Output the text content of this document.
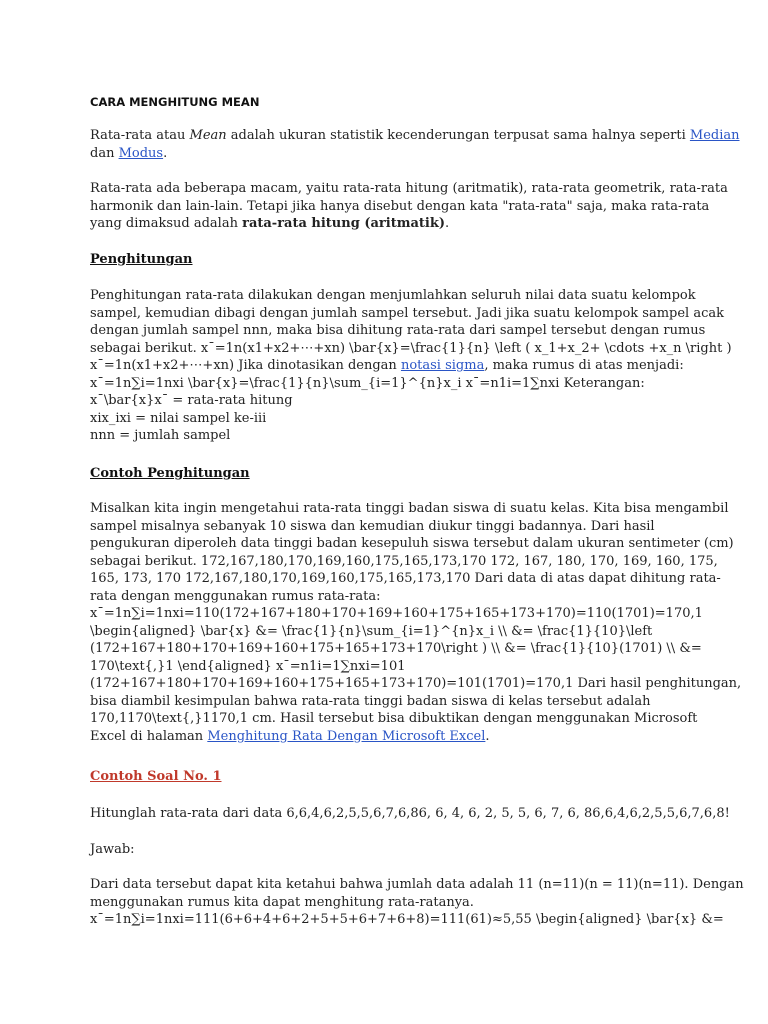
CARA MENGHITUNG MEAN

Rata-rata atau Mean adalah ukuran statistik kecenderungan terpusat sama halnya seperti Median
dan Modus.

Rata-rata ada beberapa macam, yaitu rata-rata hitung (aritmatik), rata-rata geometrik, rata-rata
harmonik dan lain-lain. Tetapi jika hanya disebut dengan kata "rata-rata" saja, maka rata-rata
yang dimaksud adalah rata-rata hitung (aritmatik).

Penghitungan

Penghitungan rata-rata dilakukan dengan menjumlahkan seluruh nilai data suatu kelompok
sampel, kemudian dibagi dengan jumlah sampel tersebut. Jadi jika suatu kelompok sampel acak
dengan jumlah sampel nnn, maka bisa dihitung rata-rata dari sampel tersebut dengan rumus
sebagai berikut. x¯=1n(x1+x2+⋯+xn) \bar{x}=\frac{1}{n} \left ( x_1+x_2+ \cdots +x_n \right )
x¯=1n(x1+x2+⋯+xn) Jika dinotasikan dengan notasi sigma, maka rumus di atas menjadi:
x¯=1n∑i=1nxi \bar{x}=\frac{1}{n}\sum_{i=1}^{n}x_i x¯=n1i=1∑nxi Keterangan:
x¯\bar{x}x¯ = rata-rata hitung
xix_ixi = nilai sampel ke-iii
nnn = jumlah sampel

Contoh Penghitungan

Misalkan kita ingin mengetahui rata-rata tinggi badan siswa di suatu kelas. Kita bisa mengambil
sampel misalnya sebanyak 10 siswa dan kemudian diukur tinggi badannya. Dari hasil
pengukuran diperoleh data tinggi badan kesepuluh siswa tersebut dalam ukuran sentimeter (cm)
sebagai berikut. 172,167,180,170,169,160,175,165,173,170 172, 167, 180, 170, 169, 160, 175,
165, 173, 170 172,167,180,170,169,160,175,165,173,170 Dari data di atas dapat dihitung rata-
rata dengan menggunakan rumus rata-rata:
x¯=1n∑i=1nxi=110(172+167+180+170+169+160+175+165+173+170)=110(1701)=170,1
\begin{aligned} \bar{x} &= \frac{1}{n}\sum_{i=1}^{n}x_i \\ &= \frac{1}{10}\left
(172+167+180+170+169+160+175+165+173+170\right ) \\ &= \frac{1}{10}(1701) \\ &=
170\text{,}1 \end{aligned} x¯=n1i=1∑nxi=101
(172+167+180+170+169+160+175+165+173+170)=101(1701)=170,1 Dari hasil penghitungan,
bisa diambil kesimpulan bahwa rata-rata tinggi badan siswa di kelas tersebut adalah
170,1170\text{,}1170,1 cm. Hasil tersebut bisa dibuktikan dengan menggunakan Microsoft
Excel di halaman Menghitung Rata Dengan Microsoft Excel.

Contoh Soal No. 1

Hitunglah rata-rata dari data 6,6,4,6,2,5,5,6,7,6,86, 6, 4, 6, 2, 5, 5, 6, 7, 6, 86,6,4,6,2,5,5,6,7,6,8!

Jawab:

Dari data tersebut dapat kita ketahui bahwa jumlah data adalah 11 (n=11)(n = 11)(n=11). Dengan
menggunakan rumus kita dapat menghitung rata-ratanya.
x¯=1n∑i=1nxi=111(6+6+4+6+2+5+5+6+7+6+8)=111(61)≈5,55 \begin{aligned} \bar{x} &=
